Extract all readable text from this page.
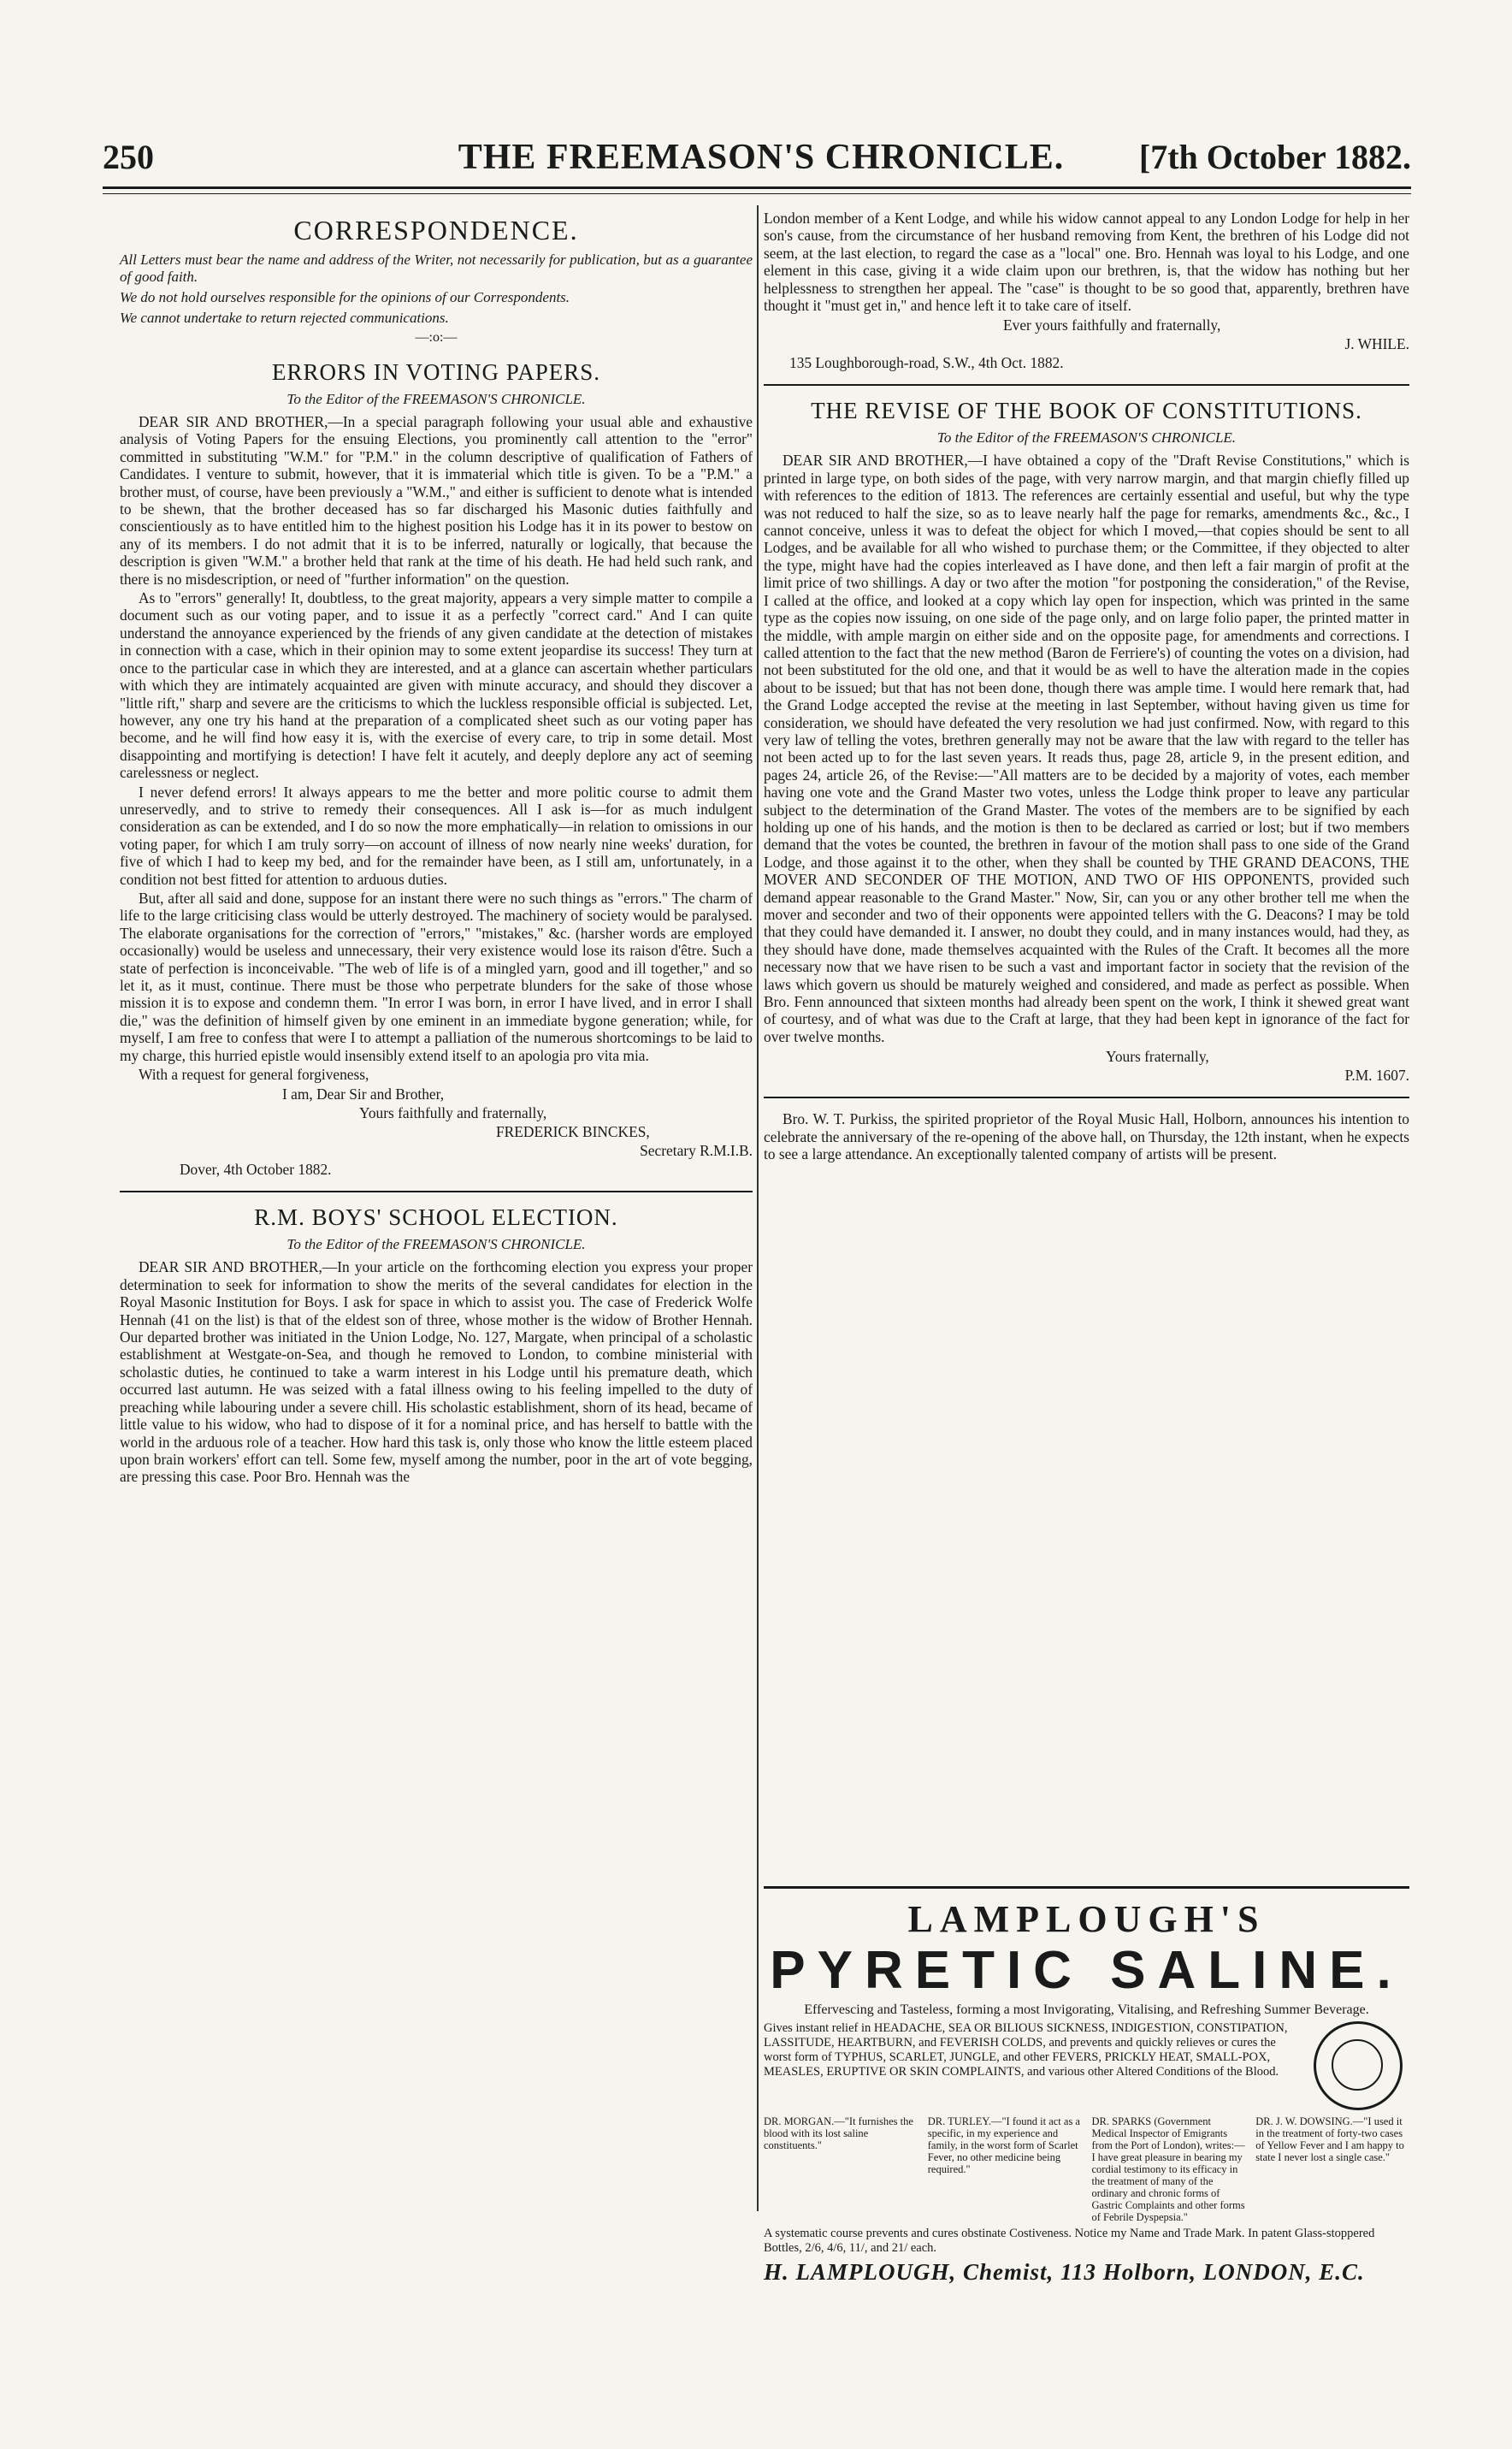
250	THE FREEMASON'S CHRONICLE.	[7th October 1882.
CORRESPONDENCE.

All Letters must bear the name and address of the Writer, not necessarily for publication, but as a guarantee of good faith.

We do not hold ourselves responsible for the opinions of our Correspondents.

We cannot undertake to return rejected communications.

—:o:—
ERRORS IN VOTING PAPERS.
To the Editor of the FREEMASON'S CHRONICLE.

DEAR SIR AND BROTHER,—In a special paragraph following your usual able and exhaustive analysis of Voting Papers for the ensuing Elections, you prominently call attention to the "error" committed in substituting "W.M." for "P.M." in the column descriptive of qualification of Fathers of Candidates. I venture to submit, however, that it is immaterial which title is given. To be a "P.M." a brother must, of course, have been previously a "W.M.," and either is sufficient to denote what is intended to be shewn, that the brother deceased has so far discharged his Masonic duties faithfully and conscientiously as to have entitled him to the highest position his Lodge has it in its power to bestow on any of its members. I do not admit that it is to be inferred, naturally or logically, that because the description is given "W.M." a brother held that rank at the time of his death. He had held such rank, and there is no misdescription, or need of "further information" on the question.

As to "errors" generally! It, doubtless, to the great majority, appears a very simple matter to compile a document such as our voting paper, and to issue it as a perfectly "correct card." And I can quite understand the annoyance experienced by the friends of any given candidate at the detection of mistakes in connection with a case, which in their opinion may to some extent jeopardise its success! They turn at once to the particular case in which they are interested, and at a glance can ascertain whether particulars with which they are intimately acquainted are given with minute accuracy, and should they discover a "little rift," sharp and severe are the criticisms to which the luckless responsible official is subjected. Let, however, any one try his hand at the preparation of a complicated sheet such as our voting paper has become, and he will find how easy it is, with the exercise of every care, to trip in some detail. Most disappointing and mortifying is detection! I have felt it acutely, and deeply deplore any act of seeming carelessness or neglect.

I never defend errors! It always appears to me the better and more politic course to admit them unreservedly, and to strive to remedy their consequences. All I ask is—for as much indulgent consideration as can be extended, and I do so now the more emphatically—in relation to omissions in our voting paper, for which I am truly sorry—on account of illness of now nearly nine weeks' duration, for five of which I had to keep my bed, and for the remainder have been, as I still am, unfortunately, in a condition not best fitted for attention to arduous duties.

But, after all said and done, suppose for an instant there were no such things as "errors." The charm of life to the large criticising class would be utterly destroyed. The machinery of society would be paralysed. The elaborate organisations for the correction of "errors," "mistakes," &c. (harsher words are employed occasionally) would be useless and unnecessary, their very existence would lose its raison d'être. Such a state of perfection is inconceivable. "The web of life is of a mingled yarn, good and ill together," and so let it, as it must, continue. There must be those who perpetrate blunders for the sake of those whose mission it is to expose and condemn them. "In error I was born, in error I have lived, and in error I shall die," was the definition of himself given by one eminent in an immediate bygone generation; while, for myself, I am free to confess that were I to attempt a palliation of the numerous shortcomings to be laid to my charge, this hurried epistle would insensibly extend itself to an apologia pro vita mia.

With a request for general forgiveness,

I am, Dear Sir and Brother,

Yours faithfully and fraternally,

FREDERICK BINCKES,

Secretary R.M.I.B.

Dover, 4th October 1882.

R.M. BOYS' SCHOOL ELECTION.
To the Editor of the FREEMASON'S CHRONICLE.

DEAR SIR AND BROTHER,—In your article on the forthcoming election you express your proper determination to seek for information to show the merits of the several candidates for election in the Royal Masonic Institution for Boys. I ask for space in which to assist you. The case of Frederick Wolfe Hennah (41 on the list) is that of the eldest son of three, whose mother is the widow of Brother Hennah. Our departed brother was initiated in the Union Lodge, No. 127, Margate, when principal of a scholastic establishment at Westgate-on-Sea, and though he removed to London, to combine ministerial with scholastic duties, he continued to take a warm interest in his Lodge until his premature death, which occurred last autumn. He was seized with a fatal illness owing to his feeling impelled to the duty of preaching while labouring under a severe chill. His scholastic establishment, shorn of its head, became of little value to his widow, who had to dispose of it for a nominal price, and has herself to battle with the world in the arduous role of a teacher. How hard this task is, only those who know the little esteem placed upon brain workers' effort can tell. Some few, myself among the number, poor in the art of vote begging, are pressing this case. Poor Bro. Hennah was the

London member of a Kent Lodge, and while his widow cannot appeal to any London Lodge for help in her son's cause, from the circumstance of her husband removing from Kent, the brethren of his Lodge did not seem, at the last election, to regard the case as a "local" one. Bro. Hennah was loyal to his Lodge, and one element in this case, giving it a wide claim upon our brethren, is, that the widow has nothing but her helplessness to strengthen her appeal. The "case" is thought to be so good that, apparently, brethren have thought it "must get in," and hence left it to take care of itself.

Ever yours faithfully and fraternally,

J. WHILE.

135 Loughborough-road, S.W., 4th Oct. 1882.

THE REVISE OF THE BOOK OF CONSTITUTIONS.
To the Editor of the FREEMASON'S CHRONICLE.

DEAR SIR AND BROTHER,—I have obtained a copy of the "Draft Revise Constitutions," which is printed in large type, on both sides of the page, with very narrow margin, and that margin chiefly filled up with references to the edition of 1813. The references are certainly essential and useful, but why the type was not reduced to half the size, so as to leave nearly half the page for remarks, amendments &c., &c., I cannot conceive, unless it was to defeat the object for which I moved,—that copies should be sent to all Lodges, and be available for all who wished to purchase them; or the Committee, if they objected to alter the type, might have had the copies interleaved as I have done, and then left a fair margin of profit at the limit price of two shillings. A day or two after the motion "for postponing the consideration," of the Revise, I called at the office, and looked at a copy which lay open for inspection, which was printed in the same type as the copies now issuing, on one side of the page only, and on large folio paper, the printed matter in the middle, with ample margin on either side and on the opposite page, for amendments and corrections. I called attention to the fact that the new method (Baron de Ferriere's) of counting the votes on a division, had not been substituted for the old one, and that it would be as well to have the alteration made in the copies about to be issued; but that has not been done, though there was ample time. I would here remark that, had the Grand Lodge accepted the revise at the meeting in last September, without having given us time for consideration, we should have defeated the very resolution we had just confirmed. Now, with regard to this very law of telling the votes, brethren generally may not be aware that the law with regard to the teller has not been acted up to for the last seven years. It reads thus, page 28, article 9, in the present edition, and pages 24, article 26, of the Revise:—"All matters are to be decided by a majority of votes, each member having one vote and the Grand Master two votes, unless the Lodge think proper to leave any particular subject to the determination of the Grand Master. The votes of the members are to be signified by each holding up one of his hands, and the motion is then to be declared as carried or lost; but if two members demand that the votes be counted, the brethren in favour of the motion shall pass to one side of the Grand Lodge, and those against it to the other, when they shall be counted by THE GRAND DEACONS, THE MOVER AND SECONDER OF THE MOTION, AND TWO OF HIS OPPONENTS, provided such demand appear reasonable to the Grand Master." Now, Sir, can you or any other brother tell me when the mover and seconder and two of their opponents were appointed tellers with the G. Deacons? I may be told that they could have demanded it. I answer, no doubt they could, and in many instances would, had they, as they should have done, made themselves acquainted with the Rules of the Craft. It becomes all the more necessary now that we have risen to be such a vast and important factor in society that the revision of the laws which govern us should be maturely weighed and considered, and made as perfect as possible. When Bro. Fenn announced that sixteen months had already been spent on the work, I think it shewed great want of courtesy, and of what was due to the Craft at large, that they had been kept in ignorance of the fact for over twelve months.

Yours fraternally,

P.M. 1607.

Bro. W. T. Purkiss, the spirited proprietor of the Royal Music Hall, Holborn, announces his intention to celebrate the anniversary of the re-opening of the above hall, on Thursday, the 12th instant, when he expects to see a large attendance. An exceptionally talented company of artists will be present.

LAMPLOUGH'S
PYRETIC SALINE.
Effervescing and Tasteless, forming a most Invigorating, Vitalising, and Refreshing Summer Beverage.
Gives instant relief in HEADACHE, SEA OR BILIOUS SICKNESS, INDIGESTION, CONSTIPATION, LASSITUDE, HEARTBURN, and FEVERISH COLDS, and prevents and quickly relieves or cures the worst form of TYPHUS, SCARLET, JUNGLE, and other FEVERS, PRICKLY HEAT, SMALL-POX, MEASLES, ERUPTIVE OR SKIN COMPLAINTS, and various other Altered Conditions of the Blood.
DR. MORGAN.—"It furnishes the blood with its lost saline constituents."
DR. TURLEY.—"I found it act as a specific, in my experience and family, in the worst form of Scarlet Fever, no other medicine being required."
DR. SPARKS (Government Medical Inspector of Emigrants from the Port of London), writes:—I have great pleasure in bearing my cordial testimony to its efficacy in the treatment of many of the ordinary and chronic forms of Gastric Complaints and other forms of Febrile Dyspepsia."
DR. J. W. DOWSING.—"I used it in the treatment of forty-two cases of Yellow Fever and I am happy to state I never lost a single case."
A systematic course prevents and cures obstinate Costiveness. Notice my Name and Trade Mark. In patent Glass-stoppered Bottles, 2/6, 4/6, 11/, and 21/ each.
H. LAMPLOUGH, Chemist, 113 Holborn, LONDON, E.C.
